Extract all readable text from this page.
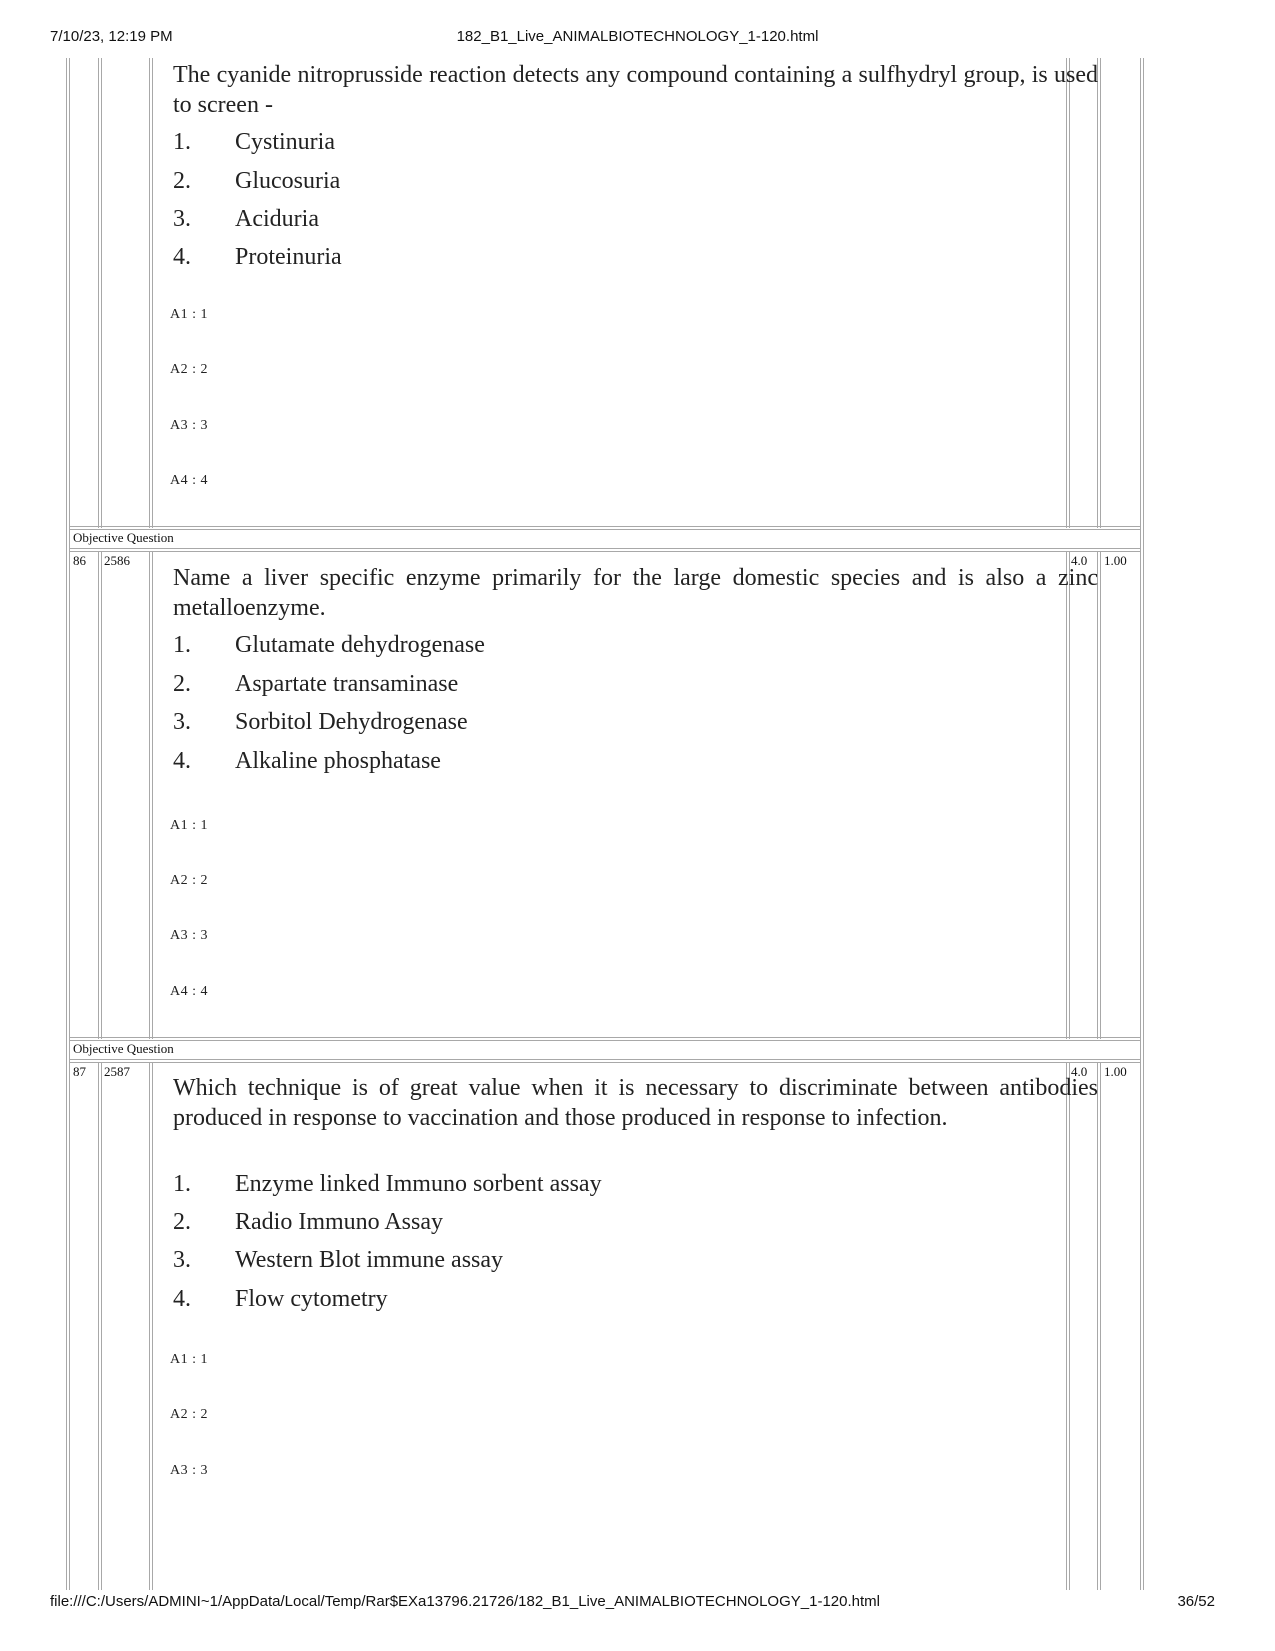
7/10/23, 12:19 PM	182_B1_Live_ANIMALBIOTECHNOLOGY_1-120.html
The cyanide nitroprusside reaction detects any compound containing a sulfhydryl group, is used to screen -
1. Cystinuria
2. Glucosuria
3. Aciduria
4. Proteinuria
A1 : 1
A2 : 2
A3 : 3
A4 : 4
Objective Question
86 2586	4.0 1.00
Name a liver specific enzyme primarily for the large domestic species and is also a zinc metalloenzyme.
1. Glutamate dehydrogenase
2. Aspartate transaminase
3. Sorbitol Dehydrogenase
4. Alkaline phosphatase
A1 : 1
A2 : 2
A3 : 3
A4 : 4
Objective Question
87 2587	4.0 1.00
Which technique is of great value when it is necessary to discriminate between antibodies produced in response to vaccination and those produced in response to infection.
1. Enzyme linked Immuno sorbent assay
2. Radio Immuno Assay
3. Western Blot immune assay
4. Flow cytometry
A1 : 1
A2 : 2
A3 : 3
file:///C:/Users/ADMINI~1/AppData/Local/Temp/Rar$EXa13796.21726/182_B1_Live_ANIMALBIOTECHNOLOGY_1-120.html	36/52
